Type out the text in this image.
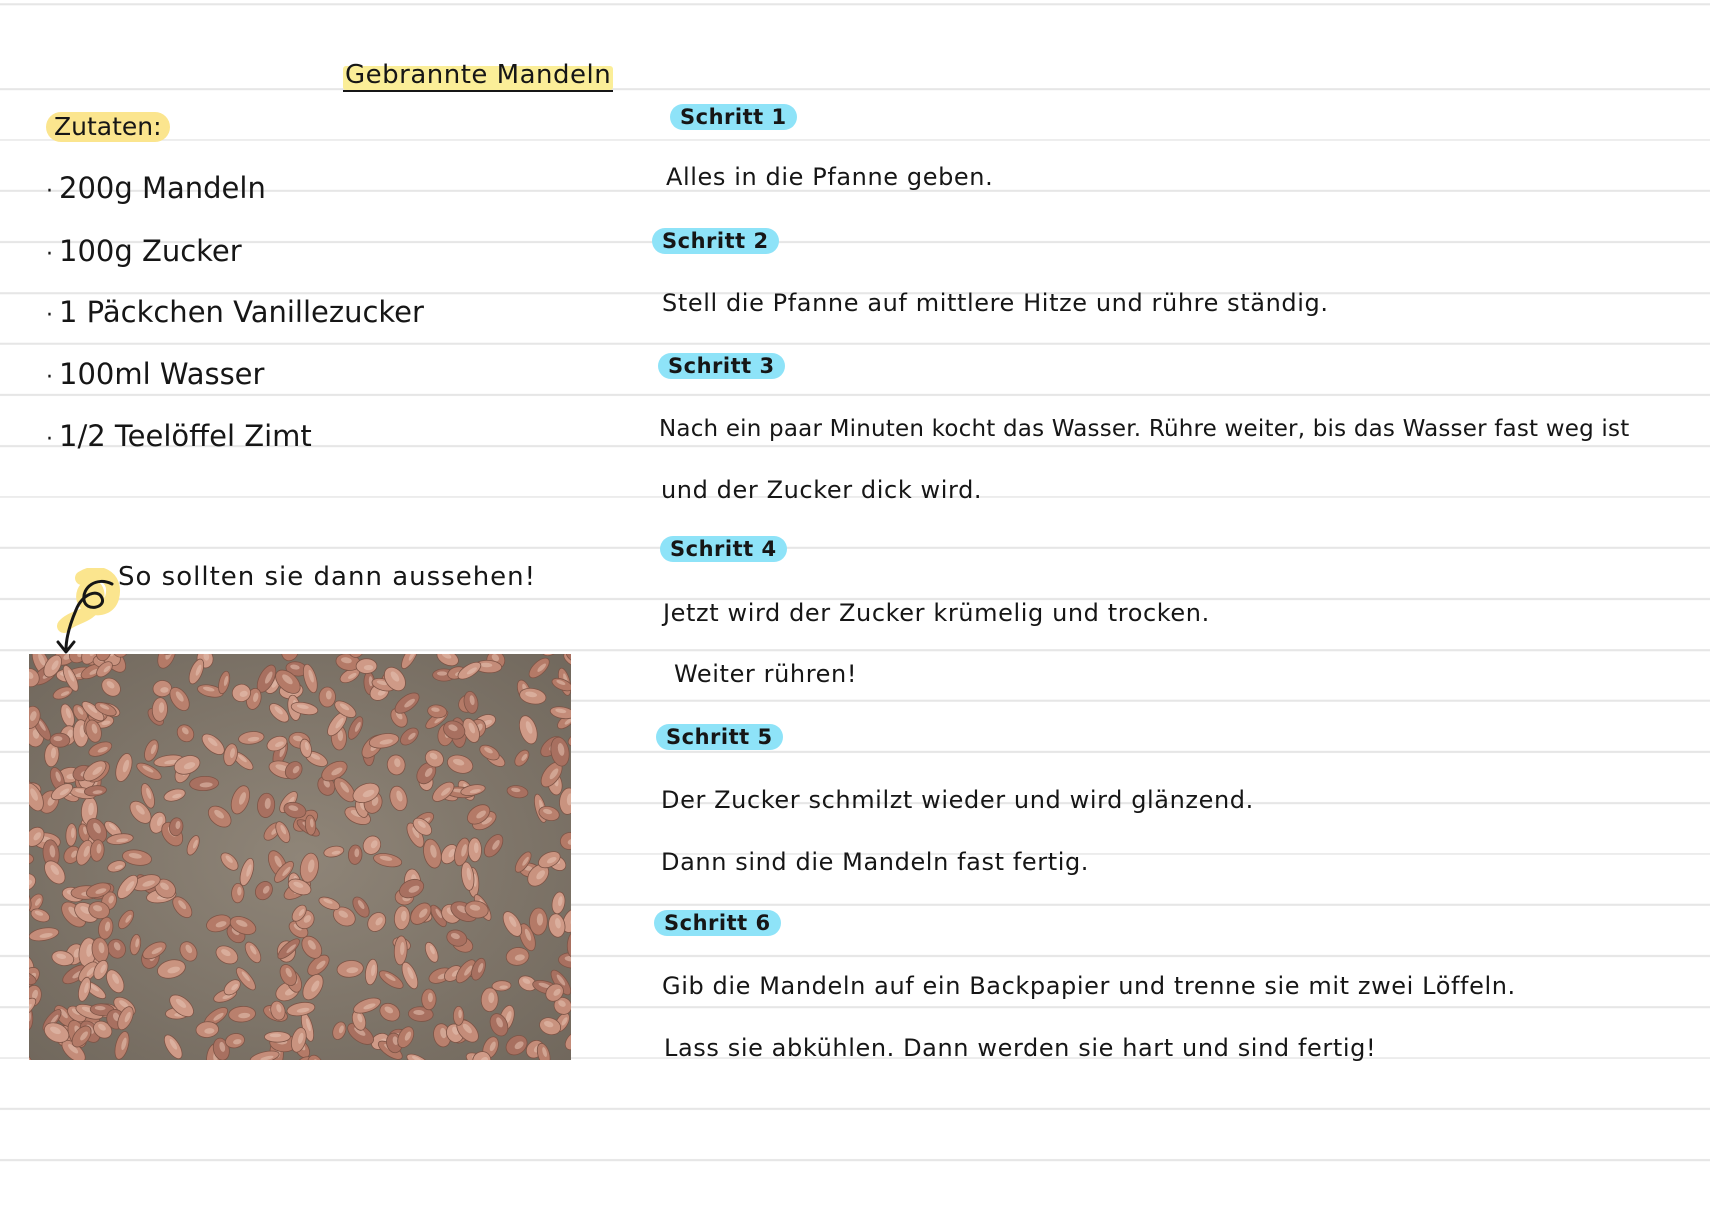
Gebrannte Mandeln
Zutaten:
· 200g Mandeln
· 100g Zucker
· 1 Päckchen Vanillezucker
· 100ml Wasser
· 1/2 Teelöffel Zimt
So sollten sie dann aussehen!
Schritt 1
Alles in die Pfanne geben.
Schritt 2
Stell die Pfanne auf mittlere Hitze und rühre ständig.
Schritt 3
Nach ein paar Minuten kocht das Wasser. Rühre weiter, bis das Wasser fast weg ist
und der Zucker dick wird.
Schritt 4
Jetzt wird der Zucker krümelig und trocken.
Weiter rühren!
Schritt 5
Der Zucker schmilzt wieder und wird glänzend.
Dann sind die Mandeln fast fertig.
Schritt 6
Gib die Mandeln auf ein Backpapier und trenne sie mit zwei Löffeln.
Lass sie abkühlen. Dann werden sie hart und sind fertig!
